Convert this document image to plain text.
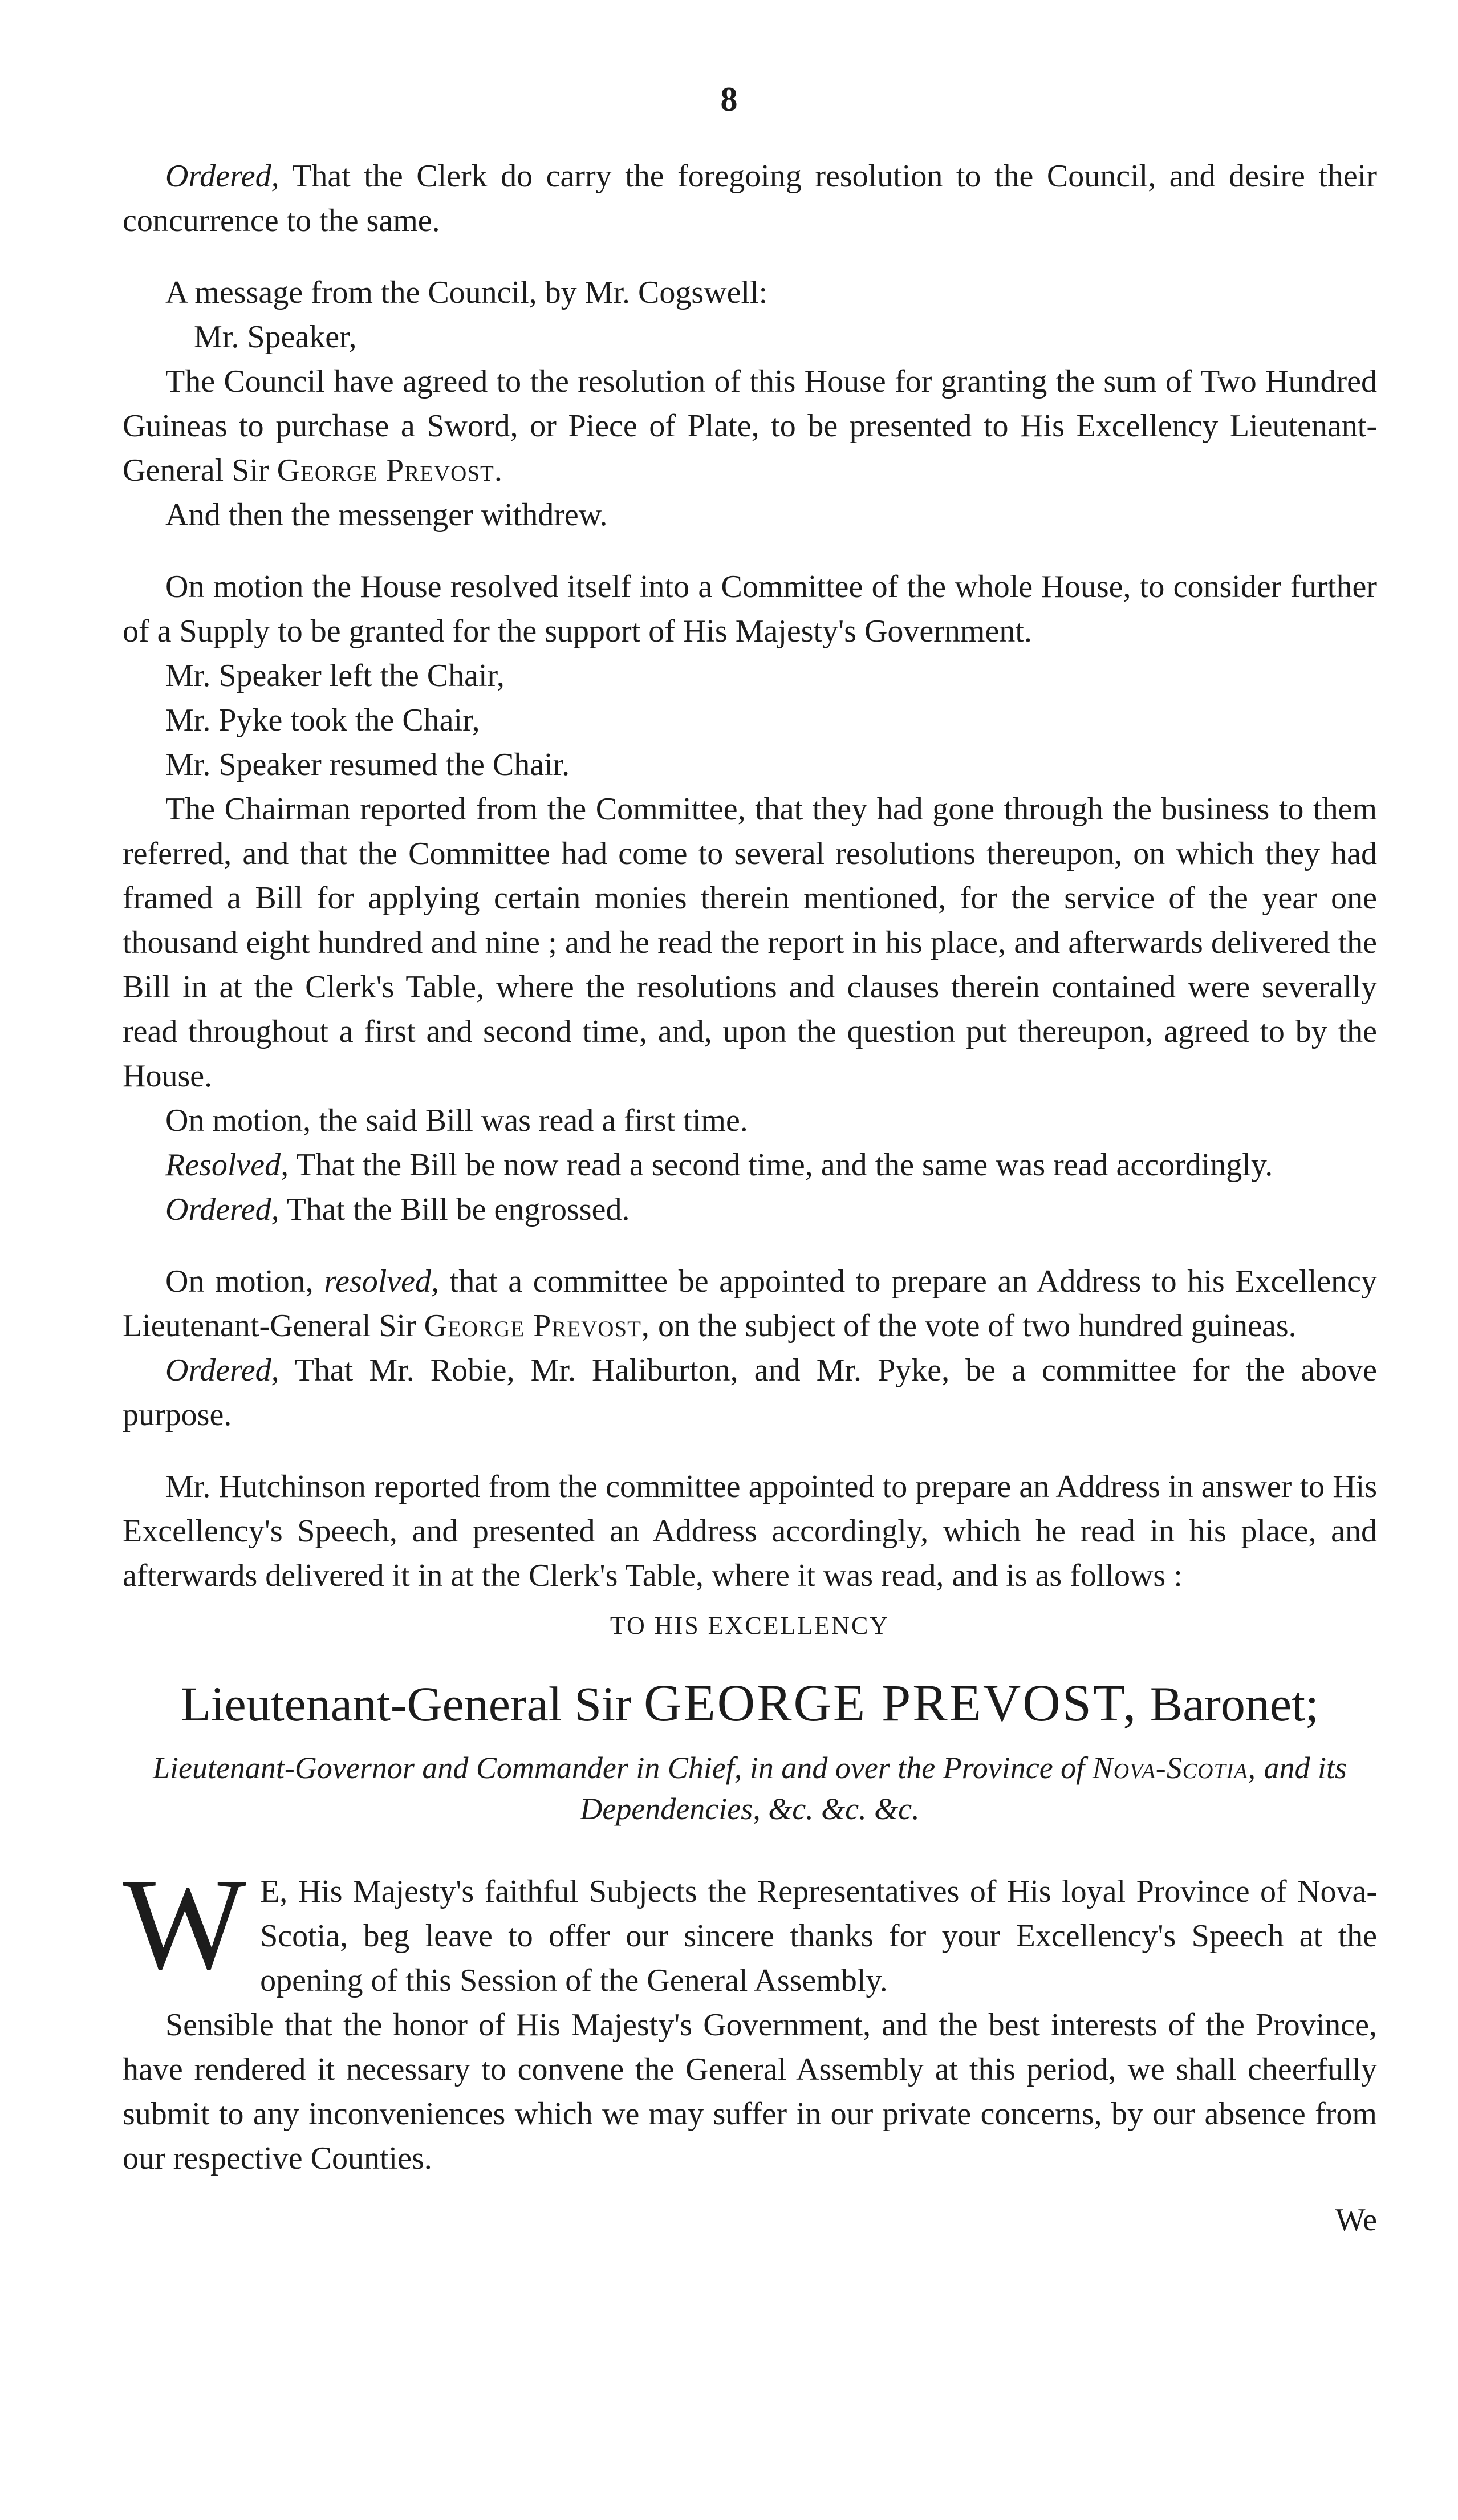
8

Ordered, That the Clerk do carry the foregoing resolution to the Council, and desire their concurrence to the same.

A message from the Council, by Mr. Cogswell:

Mr. Speaker,

The Council have agreed to the resolution of this House for granting the sum of Two Hundred Guineas to purchase a Sword, or Piece of Plate, to be presented to His Excellency Lieutenant-General Sir George Prevost.

And then the messenger withdrew.

On motion the House resolved itself into a Committee of the whole House, to consider further of a Supply to be granted for the support of His Majesty's Government.

Mr. Speaker left the Chair,

Mr. Pyke took the Chair,

Mr. Speaker resumed the Chair.

The Chairman reported from the Committee, that they had gone through the business to them referred, and that the Committee had come to several resolutions thereupon, on which they had framed a Bill for applying certain monies therein mentioned, for the service of the year one thousand eight hundred and nine ; and he read the report in his place, and afterwards delivered the Bill in at the Clerk's Table, where the resolutions and clauses therein contained were severally read throughout a first and second time, and, upon the question put thereupon, agreed to by the House.

On motion, the said Bill was read a first time.

Resolved, That the Bill be now read a second time, and the same was read accordingly.

Ordered, That the Bill be engrossed.

On motion, resolved, that a committee be appointed to prepare an Address to his Excellency Lieutenant-General Sir George Prevost, on the subject of the vote of two hundred guineas.

Ordered, That Mr. Robie, Mr. Haliburton, and Mr. Pyke, be a committee for the above purpose.

Mr. Hutchinson reported from the committee appointed to prepare an Address in answer to His Excellency's Speech, and presented an Address accordingly, which he read in his place, and afterwards delivered it in at the Clerk's Table, where it was read, and is as follows :

TO HIS EXCELLENCY
Lieutenant-General Sir GEORGE PREVOST, Baronet;
Lieutenant-Governor and Commander in Chief, in and over the Province of Nova-Scotia, and its Dependencies, &c. &c. &c.
W E, His Majesty's faithful Subjects the Representatives of His loyal Province of Nova-Scotia, beg leave to offer our sincere thanks for your Excellency's Speech at the opening of this Session of the General Assembly.

Sensible that the honor of His Majesty's Government, and the best interests of the Province, have rendered it necessary to convene the General Assembly at this period, we shall cheerfully submit to any inconveniences which we may suffer in our private concerns, by our absence from our respective Counties.

We
